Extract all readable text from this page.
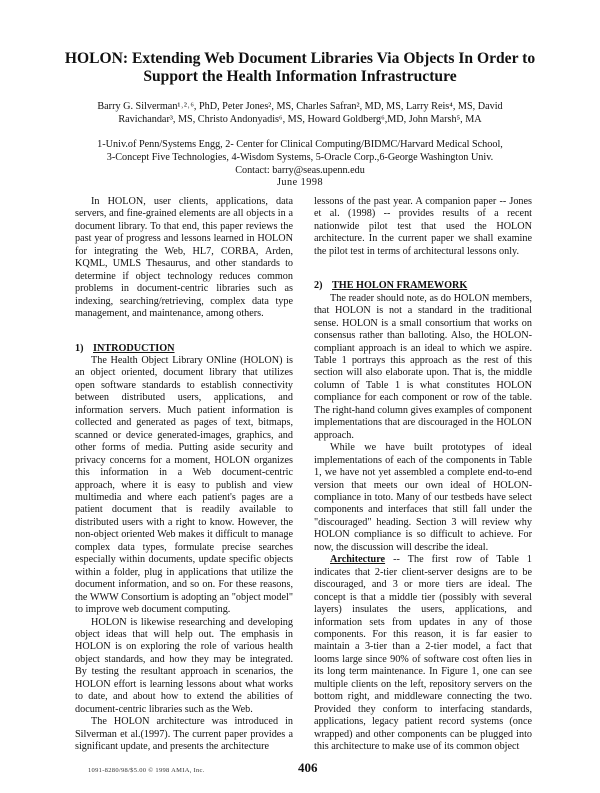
HOLON: Extending Web Document Libraries Via Objects In Order to
Support the Health Information Infrastructure
Barry G. Silverman¹˒²˒⁶, PhD, Peter Jones², MS, Charles Safran², MD, MS, Larry Reis⁴, MS, David
Ravichandar³, MS, Christo Andonyadis⁶, MS, Howard Goldberg⁶,MD, John Marsh⁵, MA
1-Univ.of Penn/Systems Engg, 2- Center for Clinical Computing/BIDMC/Harvard Medical School,
3-Concept Five Technologies, 4-Wisdom Systems, 5-Oracle Corp.,6-George Washington Univ.
Contact: barry@seas.upenn.edu
June 1998

In HOLON, user clients, applications, data servers, and fine-grained elements are all objects in a document library. To that end, this paper reviews the past year of progress and lessons learned in HOLON for integrating the Web, HL7, CORBA, Arden, KQML, UMLS Thesaurus, and other standards to determine if object technology reduces common problems in document-centric libraries such as indexing, searching/retrieving, complex data type management, and maintenance, among others.

1) INTRODUCTION

The Health Object Library ONline (HOLON) is an object oriented, document library that utilizes open software standards to establish connectivity between distributed users, applications, and information servers. Much patient information is collected and generated as pages of text, bitmaps, scanned or device generated-images, graphics, and other forms of media. Putting aside security and privacy concerns for a moment, HOLON organizes this information in a Web document-centric approach, where it is easy to publish and view multimedia and where each patient's pages are a patient document that is readily available to distributed users with a right to know. However, the non-object oriented Web makes it difficult to manage complex data types, formulate precise searches especially within documents, update specific objects within a folder, plug in applications that utilize the document information, and so on. For these reasons, the WWW Consortium is adopting an "object model" to improve web document computing.

HOLON is likewise researching and developing object ideas that will help out. The emphasis in HOLON is on exploring the role of various health object standards, and how they may be integrated. By testing the resultant approach in scenarios, the HOLON effort is learning lessons about what works to date, and about how to extend the abilities of document-centric libraries such as the Web.

The HOLON architecture was introduced in Silverman et al.(1997). The current paper provides a significant update, and presents the architecture

lessons of the past year. A companion paper -- Jones et al. (1998) -- provides results of a recent nationwide pilot test that used the HOLON architecture. In the current paper we shall examine the pilot test in terms of architectural lessons only.

2) THE HOLON FRAMEWORK

The reader should note, as do HOLON members, that HOLON is not a standard in the traditional sense. HOLON is a small consortium that works on consensus rather than balloting. Also, the HOLON-compliant approach is an ideal to which we aspire. Table 1 portrays this approach as the rest of this section will also elaborate upon. That is, the middle column of Table 1 is what constitutes HOLON compliance for each component or row of the table. The right-hand column gives examples of component implementations that are discouraged in the HOLON approach.

While we have built prototypes of ideal implementations of each of the components in Table 1, we have not yet assembled a complete end-to-end version that meets our own ideal of HOLON-compliance in toto. Many of our testbeds have select components and interfaces that still fall under the "discouraged" heading. Section 3 will review why HOLON compliance is so difficult to achieve. For now, the discussion will describe the ideal.

Architecture -- The first row of Table 1 indicates that 2-tier client-server designs are to be discouraged, and 3 or more tiers are ideal. The concept is that a middle tier (possibly with several layers) insulates the users, applications, and information sets from updates in any of those components. For this reason, it is far easier to maintain a 3-tier than a 2-tier model, a fact that looms large since 90% of software cost often lies in its long term maintenance. In Figure 1, one can see multiple clients on the left, repository servers on the bottom right, and middleware connecting the two. Provided they conform to interfacing standards, applications, legacy patient record systems (once wrapped) and other components can be plugged into this architecture to make use of its common object

1091-8280/98/$5.00 © 1998 AMIA, Inc.	406
